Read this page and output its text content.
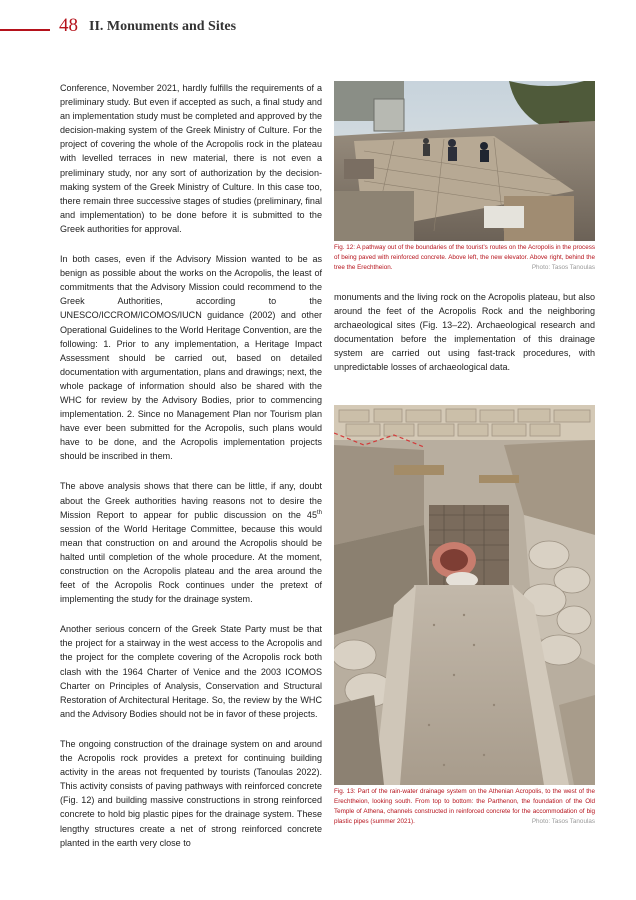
48 II. Monuments and Sites

Conference, November 2021, hardly fulfills the requirements of a preliminary study. But even if accepted as such, a final study and an implementation study must be completed and approved by the decision-making system of the Greek Ministry of Culture. For the project of covering the whole of the Acropolis rock in the plateau with levelled terraces in new material, there is not even a preliminary study, nor any sort of authorization by the decision-making system of the Greek Ministry of Culture. In this case too, there remain three successive stages of studies (preliminary, final and implementation) to be done before it is submitted to the Greek authorities for approval.

In both cases, even if the Advisory Mission wanted to be as benign as possible about the works on the Acropolis, the least of commitments that the Advisory Mission could recommend to the Greek Authorities, according to the UNESCO/ICCROM/ICOMOS/IUCN guidance (2002) and other Operational Guidelines to the World Heritage Convention, are the following: 1. Prior to any implementation, a Heritage Impact Assessment should be carried out, based on detailed documentation with argumentation, plans and drawings; next, the whole package of information should also be shared with the WHC for review by the Advisory Bodies, prior to commencing implementation. 2. Since no Management Plan nor Tourism plan have ever been submitted for the Acropolis, such plans would have to be done, and the Acropolis implementation projects should be inscribed in them.

The above analysis shows that there can be little, if any, doubt about the Greek authorities having reasons not to desire the Mission Report to appear for public discussion on the 45th session of the World Heritage Committee, because this would mean that construction on and around the Acropolis should be halted until completion of the whole procedure. At the moment, construction on the Acropolis plateau and the area around the feet of the Acropolis Rock continues under the pretext of implementing the study for the drainage system.

Another serious concern of the Greek State Party must be that the project for a stairway in the west access to the Acropolis and the project for the complete covering of the Acropolis rock both clash with the 1964 Charter of Venice and the 2003 ICOMOS Charter on Principles of Analysis, Conservation and Structural Restoration of Architectural Heritage. So, the review by the WHC and the Advisory Bodies should not be in favor of these projects.

The ongoing construction of the drainage system on and around the Acropolis rock provides a pretext for continuing building activity in the areas not frequented by tourists (Tanoulas 2022). This activity consists of paving pathways with reinforced concrete (Fig. 12) and building massive constructions in strong reinforced concrete to hold big plastic pipes for the drainage system. These lengthy structures create a net of strong reinforced concrete planted in the earth very close to

Fig. 12: A pathway out of the boundaries of the tourist’s routes on the Acropolis in the process of being paved with reinforced concrete. Above left, the new elevator. Above right, behind the tree the Erechtheion.	Photo: Tasos Tanoulas

monuments and the living rock on the Acropolis plateau, but also around the feet of the Acropolis Rock and the neighboring archaeological sites (Fig. 13–22). Archaeological research and documentation before the implementation of this drainage system are carried out using fast-track procedures, with unpredictable losses of archaeological data.

Fig. 13: Part of the rain-water drainage system on the Athenian Acropolis, to the west of the Erechtheion, looking south. From top to bottom: the Parthenon, the foundation of the Old Temple of Athena, channels constructed in reinforced concrete for the accommodation of big plastic pipes (summer 2021).	Photo: Tasos Tanoulas
